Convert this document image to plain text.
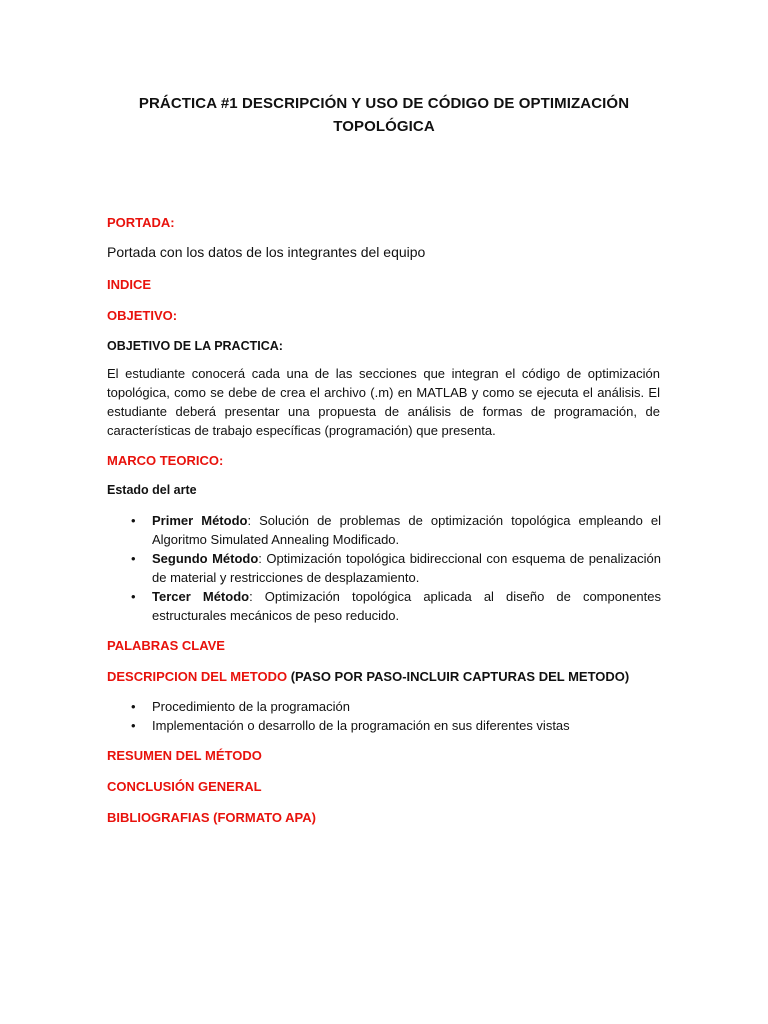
PRÁCTICA #1 DESCRIPCIÓN Y USO DE CÓDIGO DE OPTIMIZACIÓN
TOPOLÓGICA
PORTADA:
Portada con los datos de los integrantes del equipo
INDICE
OBJETIVO:
OBJETIVO DE LA PRACTICA:
El estudiante conocerá cada una de las secciones que integran el código de optimización topológica, como se debe de crea el archivo (.m) en MATLAB y como se ejecuta el análisis. El estudiante deberá presentar una propuesta de análisis de formas de programación, de características de trabajo específicas (programación) que presenta.
MARCO TEORICO:
Estado del arte
• Primer Método: Solución de problemas de optimización topológica empleando el Algoritmo Simulated Annealing Modificado.
• Segundo Método: Optimización topológica bidireccional con esquema de penalización de material y restricciones de desplazamiento.
• Tercer Método: Optimización topológica aplicada al diseño de componentes estructurales mecánicos de peso reducido.
PALABRAS CLAVE
DESCRIPCION DEL METODO (PASO POR PASO-INCLUIR CAPTURAS DEL METODO)
• Procedimiento de la programación
• Implementación o desarrollo de la programación en sus diferentes vistas
RESUMEN DEL MÉTODO
CONCLUSIÓN GENERAL
BIBLIOGRAFIAS (FORMATO APA)
